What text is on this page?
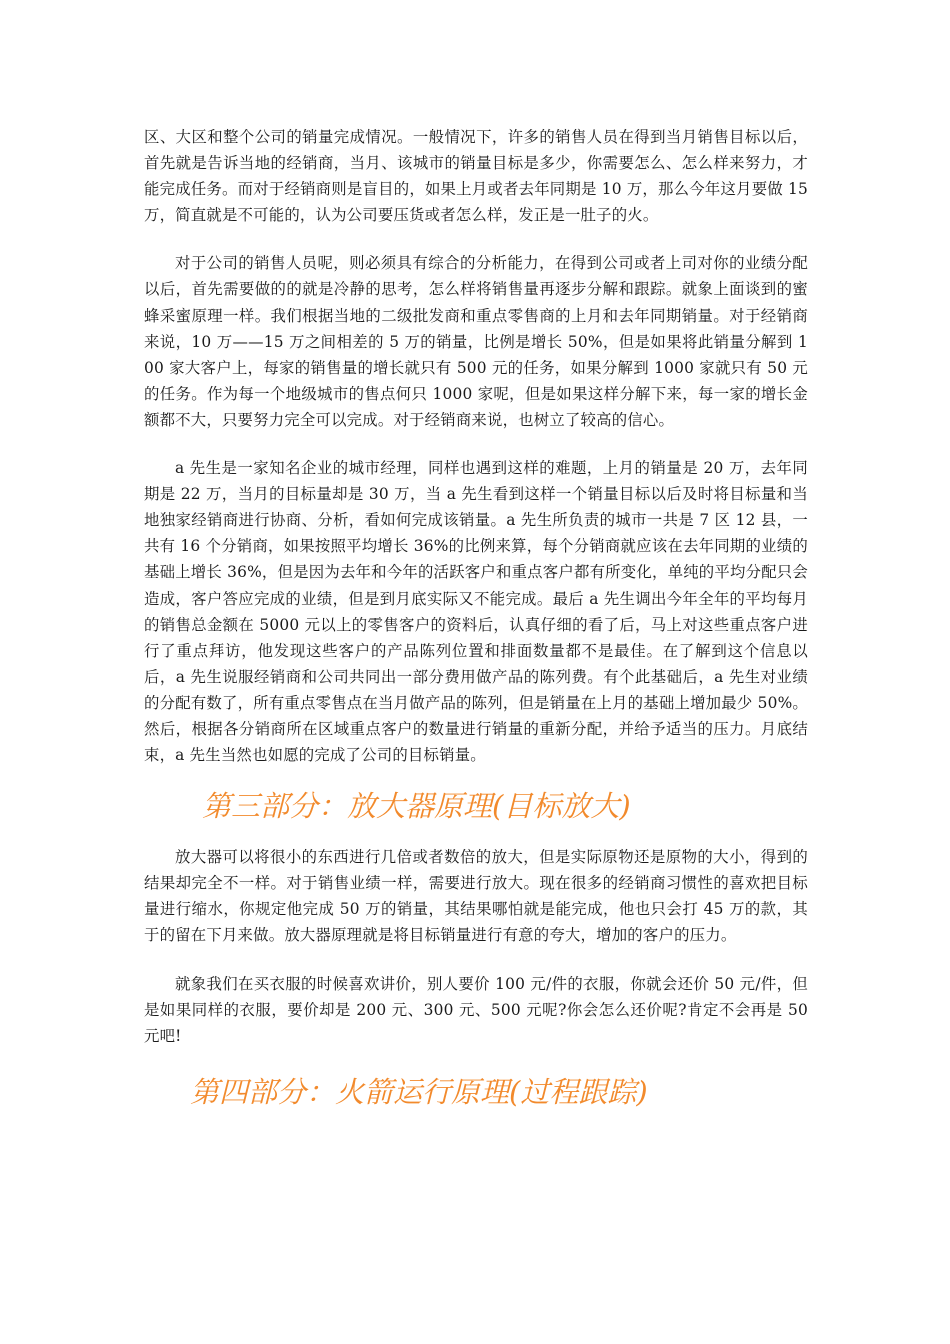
区、大区和整个公司的销量完成情况。一般情况下，许多的销售人员在得到当月销售目标以后，首先就是告诉当地的经销商，当月、该城市的销量目标是多少，你需要怎么、怎么样来努力，才能完成任务。而对于经销商则是盲目的，如果上月或者去年同期是 10 万，那么今年这月要做 15 万，简直就是不可能的，认为公司要压货或者怎么样，发正是一肚子的火。

对于公司的销售人员呢，则必须具有综合的分析能力，在得到公司或者上司对你的业绩分配以后，首先需要做的的就是冷静的思考，怎么样将销售量再逐步分解和跟踪。就象上面谈到的蜜蜂采蜜原理一样。我们根据当地的二级批发商和重点零售商的上月和去年同期销量。对于经销商来说，10 万——15 万之间相差的 5 万的销量，比例是增长 50%，但是如果将此销量分解到 100 家大客户上，每家的销售量的增长就只有 500 元的任务，如果分解到 1000 家就只有 50 元的任务。作为每一个地级城市的售点何只 1000 家呢，但是如果这样分解下来，每一家的增长金额都不大，只要努力完全可以完成。对于经销商来说，也树立了较高的信心。

a 先生是一家知名企业的城市经理，同样也遇到这样的难题，上月的销量是 20 万，去年同期是 22 万，当月的目标量却是 30 万，当 a 先生看到这样一个销量目标以后及时将目标量和当地独家经销商进行协商、分析，看如何完成该销量。a 先生所负责的城市一共是 7 区 12 县，一共有 16 个分销商，如果按照平均增长 36%的比例来算，每个分销商就应该在去年同期的业绩的基础上增长 36%，但是因为去年和今年的活跃客户和重点客户都有所变化，单纯的平均分配只会造成，客户答应完成的业绩，但是到月底实际又不能完成。最后 a 先生调出今年全年的平均每月的销售总金额在 5000 元以上的零售客户的资料后，认真仔细的看了后，马上对这些重点客户进行了重点拜访，他发现这些客户的产品陈列位置和排面数量都不是最佳。在了解到这个信息以后，a 先生说服经销商和公司共同出一部分费用做产品的陈列费。有个此基础后，a 先生对业绩的分配有数了，所有重点零售点在当月做产品的陈列，但是销量在上月的基础上增加最少 50%。然后，根据各分销商所在区域重点客户的数量进行销量的重新分配，并给予适当的压力。月底结束，a 先生当然也如愿的完成了公司的目标销量。

第三部分：放大器原理(目标放大)

放大器可以将很小的东西进行几倍或者数倍的放大，但是实际原物还是原物的大小，得到的结果却完全不一样。对于销售业绩一样，需要进行放大。现在很多的经销商习惯性的喜欢把目标量进行缩水，你规定他完成 50 万的销量，其结果哪怕就是能完成，他也只会打 45 万的款，其于的留在下月来做。放大器原理就是将目标销量进行有意的夸大，增加的客户的压力。

就象我们在买衣服的时候喜欢讲价，别人要价 100 元/件的衣服，你就会还价 50 元/件，但是如果同样的衣服，要价却是 200 元、300 元、500 元呢?你会怎么还价呢?肯定不会再是 50 元吧!

第四部分：火箭运行原理(过程跟踪)
